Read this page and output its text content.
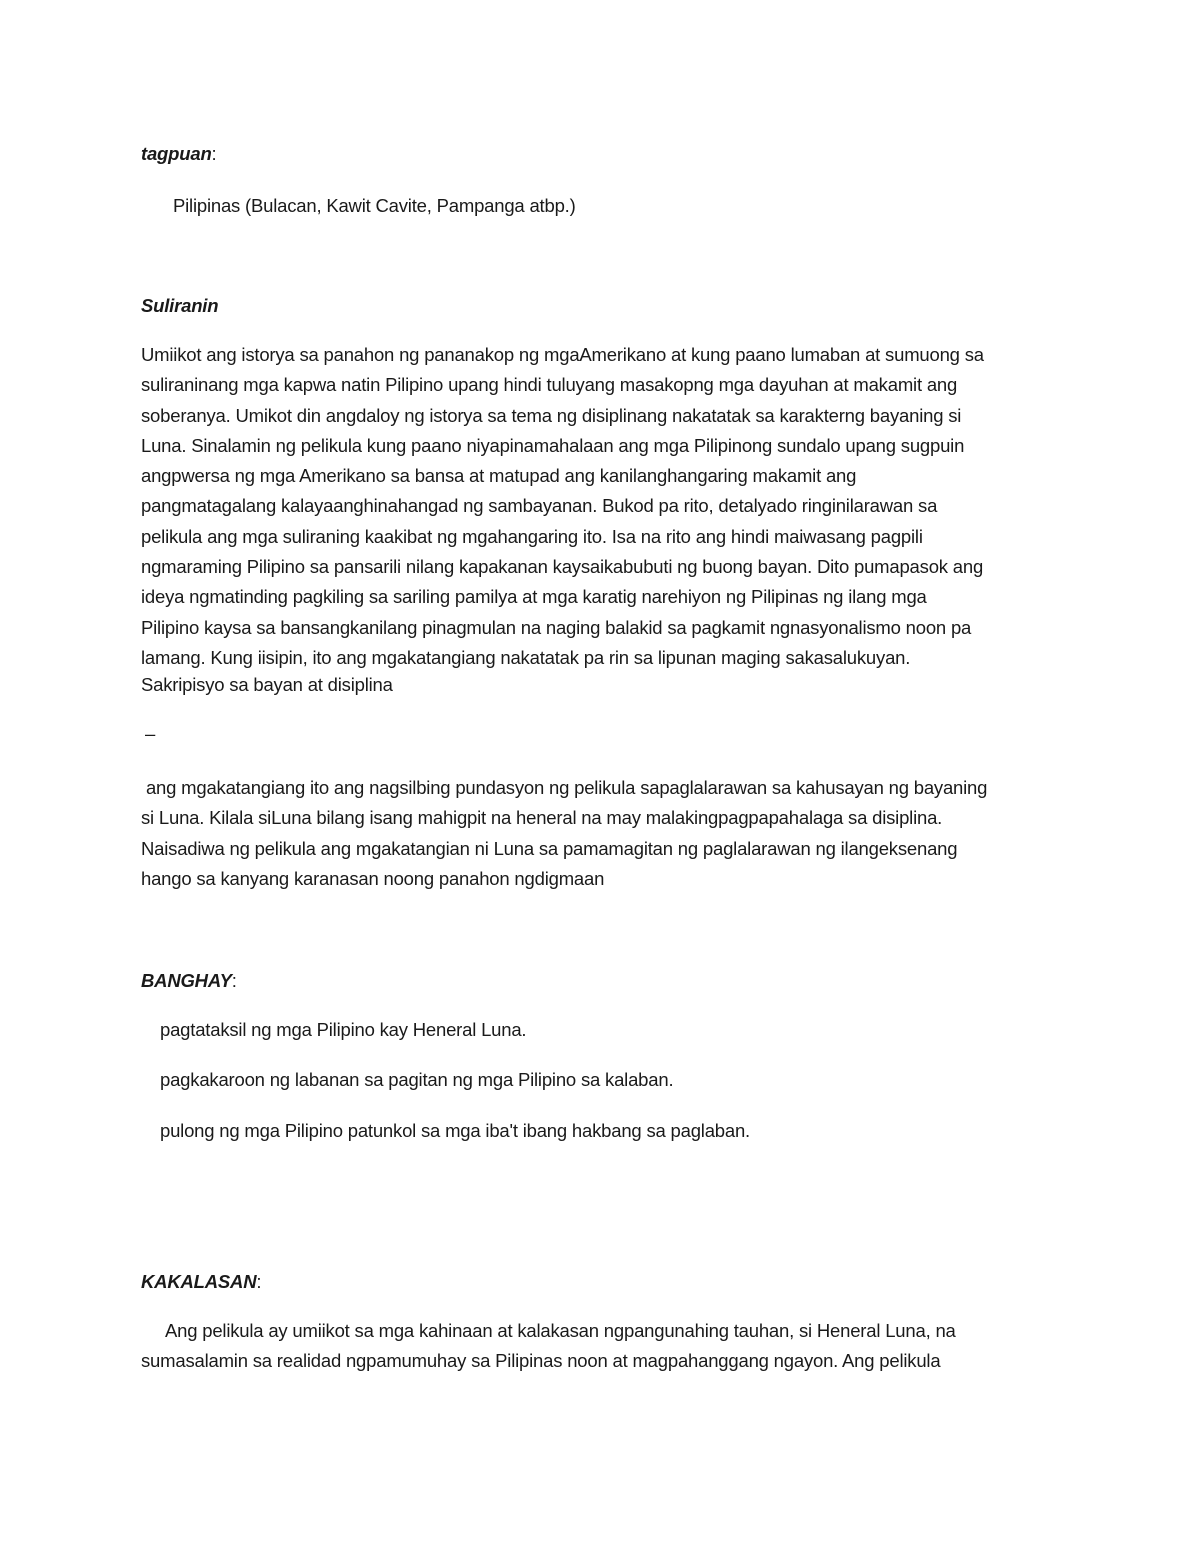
tagpuan:
Pilipinas (Bulacan, Kawit Cavite, Pampanga atbp.)
Suliranin
Umiikot ang istorya sa panahon ng pananakop ng mgaAmerikano at kung paano lumaban at sumuong sa
suliraninang mga kapwa natin Pilipino upang hindi tuluyang masakopng mga dayuhan at makamit ang
soberanya. Umikot din angdaloy ng istorya sa tema ng disiplinang nakatatak sa karakterng bayaning si
Luna. Sinalamin ng pelikula kung paano niyapinamahalaan ang mga Pilipinong sundalo upang sugpuin
angpwersa ng mga Amerikano sa bansa at matupad ang kanilanghangaring makamit ang
pangmatagalang kalayaanghinahangad ng sambayanan. Bukod pa rito, detalyado ringinilarawan sa
pelikula ang mga suliraning kaakibat ng mgahangaring ito. Isa na rito ang hindi maiwasang pagpili
ngmaraming Pilipino sa pansarili nilang kapakanan kaysaikabubuti ng buong bayan. Dito pumapasok ang
ideya ngmatinding pagkiling sa sariling pamilya at mga karatig narehiyon ng Pilipinas ng ilang mga
Pilipino kaysa sa bansangkanilang pinagmulan na naging balakid sa pagkamit ngnasyonalismo noon pa
lamang. Kung iisipin, ito ang mgakatangiang nakatatak pa rin sa lipunan maging sakasalukuyan.
Sakripisyo sa bayan at disiplina
–
ang mgakatangiang ito ang nagsilbing pundasyon ng pelikula sapaglalarawan sa kahusayan ng bayaning
si Luna. Kilala siLuna bilang isang mahigpit na heneral na may malakingpagpapahalaga sa disiplina.
Naisadiwa ng pelikula ang mgakatangian ni Luna sa pamamagitan ng paglalarawan ng ilangeksenang
hango sa kanyang karanasan noong panahon ngdigmaan
BANGHAY:
pagtataksil ng mga Pilipino kay Heneral Luna.
pagkakaroon ng labanan sa pagitan ng mga Pilipino sa kalaban.
pulong ng mga Pilipino patunkol sa mga iba't ibang hakbang sa paglaban.
KAKALASAN:
Ang pelikula ay umiikot sa mga kahinaan at kalakasan ngpangunahing tauhan, si Heneral Luna, na
sumasalamin sa realidad ngpamumuhay sa Pilipinas noon at magpahanggang ngayon. Ang pelikula
